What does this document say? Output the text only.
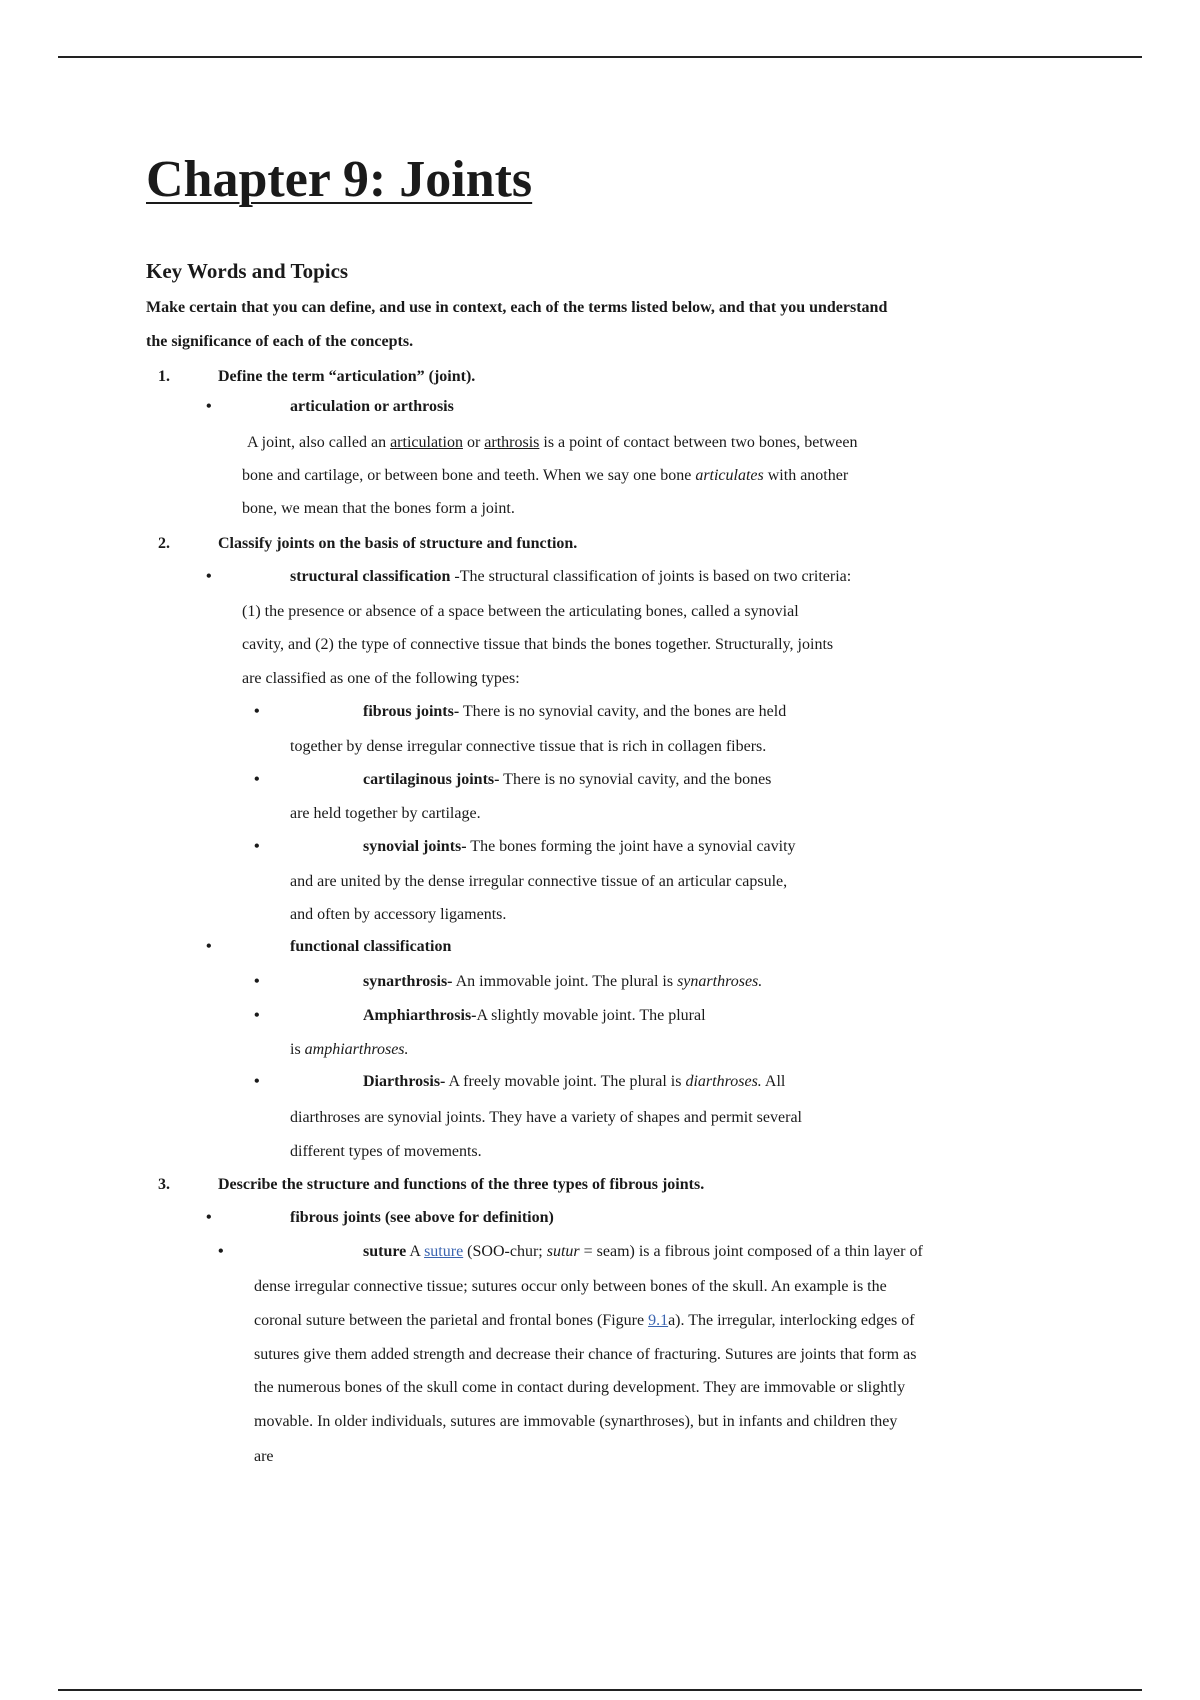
Chapter 9: Joints
Key Words and Topics
Make certain that you can define, and use in context, each of the terms listed below, and that you understand
the significance of each of the concepts.
1.	Define the term “articulation” (joint).
•	articulation or arthrosis
A joint, also called an articulation or arthrosis is a point of contact between two bones, between
bone and cartilage, or between bone and teeth. When we say one bone articulates with another
bone, we mean that the bones form a joint.
2.	Classify joints on the basis of structure and function.
•	structural classification -The structural classification of joints is based on two criteria:
(1) the presence or absence of a space between the articulating bones, called a synovial
cavity, and (2) the type of connective tissue that binds the bones together. Structurally, joints
are classified as one of the following types:
•	fibrous joints- There is no synovial cavity, and the bones are held
together by dense irregular connective tissue that is rich in collagen fibers.
•	cartilaginous joints- There is no synovial cavity, and the bones
are held together by cartilage.
•	synovial joints- The bones forming the joint have a synovial cavity
and are united by the dense irregular connective tissue of an articular capsule,
and often by accessory ligaments.
•	functional classification
•	synarthrosis- An immovable joint. The plural is synarthroses.
•	Amphiarthrosis-A slightly movable joint. The plural
is amphiarthroses.
•	Diarthrosis- A freely movable joint. The plural is diarthroses. All
diarthroses are synovial joints. They have a variety of shapes and permit several
different types of movements.
3.	Describe the structure and functions of the three types of fibrous joints.
•	fibrous joints (see above for definition)
•	suture A suture (SOO-chur; sutur = seam) is a fibrous joint composed of a thin layer of
dense irregular connective tissue; sutures occur only between bones of the skull. An example is the
coronal suture between the parietal and frontal bones (Figure 9.1a). The irregular, interlocking edges of
sutures give them added strength and decrease their chance of fracturing. Sutures are joints that form as
the numerous bones of the skull come in contact during development. They are immovable or slightly
movable. In older individuals, sutures are immovable (synarthroses), but in infants and children they
are
